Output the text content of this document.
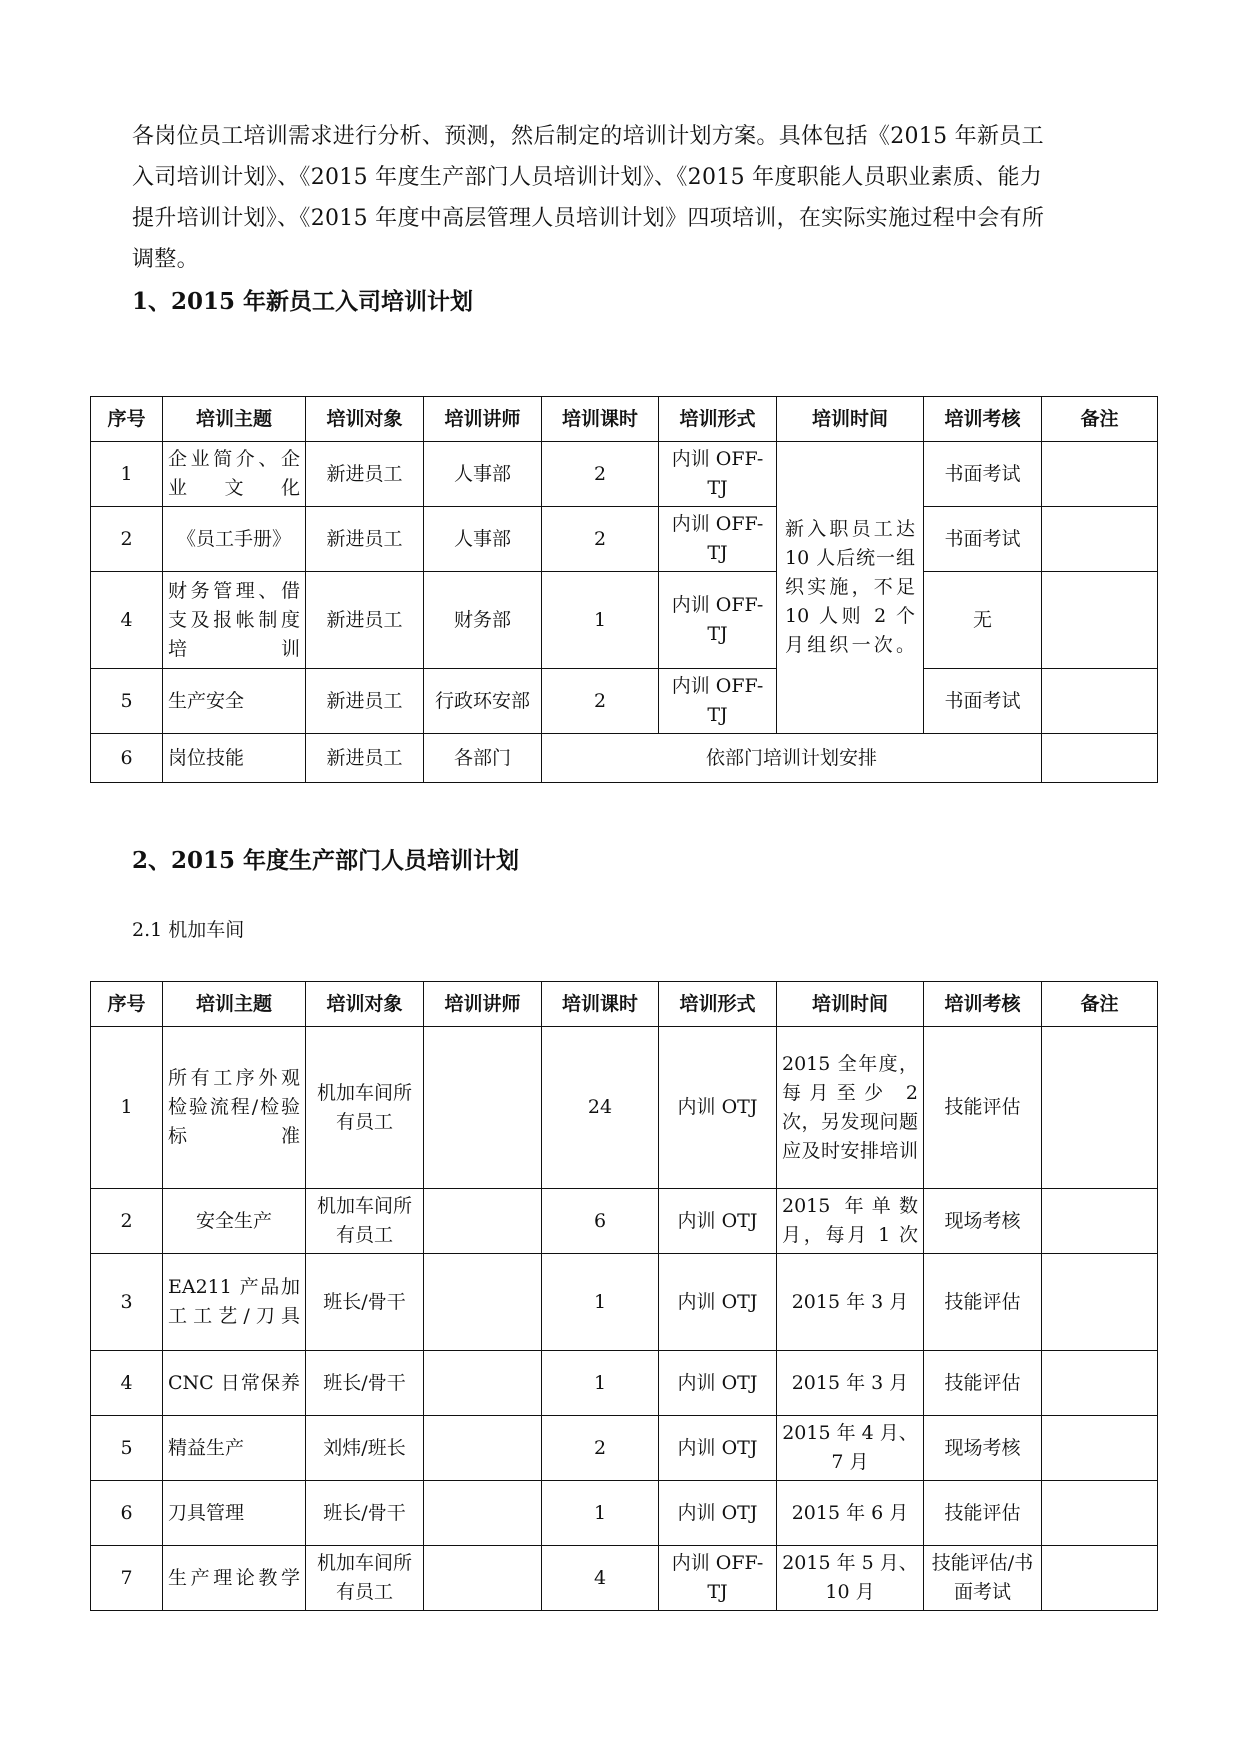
各岗位员工培训需求进行分析、预测，然后制定的培训计划方案。具体包括《2015 年新员工
入司培训计划》、《2015 年度生产部门人员培训计划》、《2015 年度职能人员职业素质、能力
提升培训计划》、《2015 年度中高层管理人员培训计划》四项培训，在实际实施过程中会有所
调整。

1、2015 年新员工入司培训计划
序号	培训主题	培训对象	培训讲师	培训课时	培训形式	培训时间	培训考核	备注
1	企业简介、企业文化	新进员工	人事部	2	内训 OFF-TJ	新入职员工达 10 人后统一组织实施，不足 10 人则 2 个月组织一次。	书面考试	
2	《员工手册》	新进员工	人事部	2	内训 OFF-TJ		书面考试	
4	财务管理、借支及报帐制度培训	新进员工	财务部	1	内训 OFF-TJ		无	
5	生产安全	新进员工	行政环安部	2	内训 OFF-TJ		书面考试	
6	岗位技能	新进员工	各部门	依部门培训计划安排				
2、2015 年度生产部门人员培训计划

2.1 机加车间

序号	培训主题	培训对象	培训讲师	培训课时	培训形式	培训时间	培训考核	备注
1	所有工序外观检验流程/检验标准	机加车间所有员工		24	内训 OTJ	2015 全年度，每月至少 2 次，另发现问题应及时安排培训	技能评估	
2	安全生产	机加车间所有员工		6	内训 OTJ	2015 年单数月，每月 1 次	现场考核	
3	EA211 产品加工工艺/刀具	班长/骨干		1	内训 OTJ	2015 年 3 月	技能评估	
4	CNC 日常保养	班长/骨干		1	内训 OTJ	2015 年 3 月	技能评估	
5	精益生产	刘炜/班长		2	内训 OTJ	2015 年 4 月、7 月	现场考核	
6	刀具管理	班长/骨干		1	内训 OTJ	2015 年 6 月	技能评估	
7	生产理论教学	机加车间所有员工		4	内训 OFF-TJ	2015 年 5 月、10 月	技能评估/书面考试	
